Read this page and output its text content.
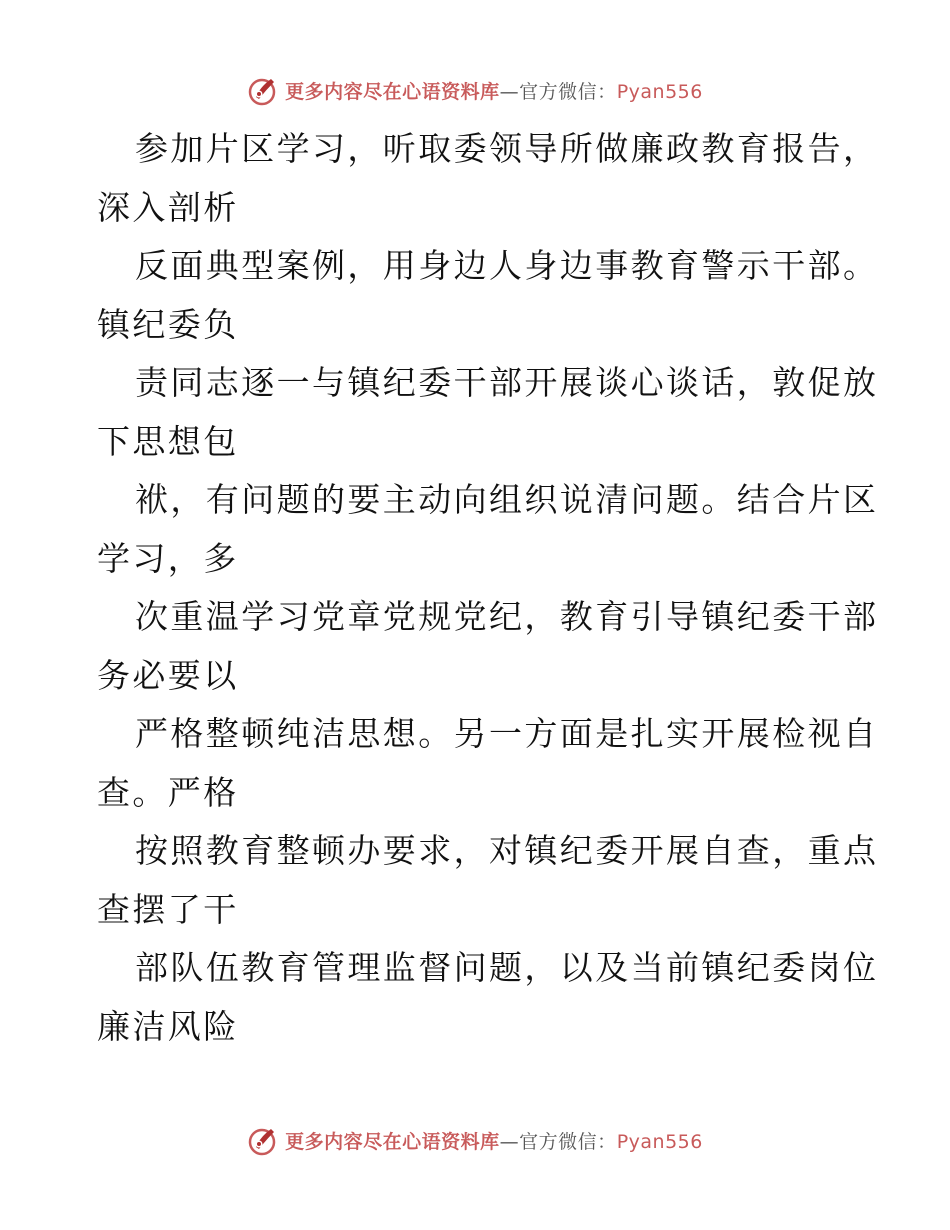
更多内容尽在心语资料库—官方微信：Pyan556
参加片区学习，听取委领导所做廉政教育报告，
深入剖析
反面典型案例，用身边人身边事教育警示干部。
镇纪委负
责同志逐一与镇纪委干部开展谈心谈话，敦促放
下思想包
袱，有问题的要主动向组织说清问题。结合片区
学习，多
次重温学习党章党规党纪，教育引导镇纪委干部
务必要以
严格整顿纯洁思想。另一方面是扎实开展检视自
查。严格
按照教育整顿办要求，对镇纪委开展自查，重点
查摆了干
部队伍教育管理监督问题，以及当前镇纪委岗位
廉洁风险
更多内容尽在心语资料库—官方微信：Pyan556
